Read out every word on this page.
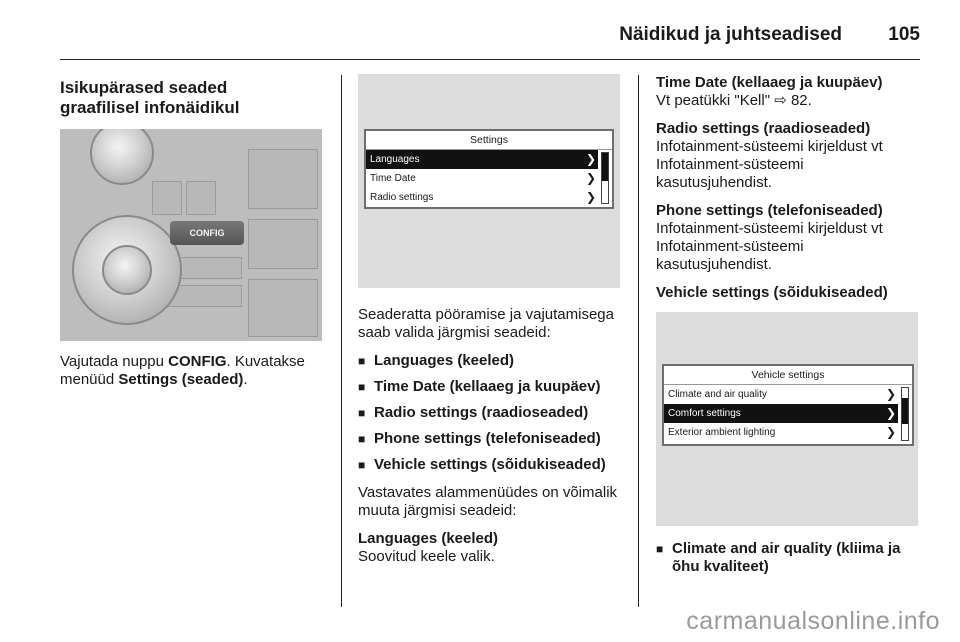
Näidikud ja juhtseadised 105
Isikupärased seaded
graafilisel infonäidikul
CONFIG

Vajutada nuppu CONFIG. Kuvatakse menüüd Settings (seaded).

Settings
Languages	❯
Time Date	❯
Radio settings	❯

Seaderatta pööramise ja vajutamisega saab valida järgmisi seadeid:

■ Languages (keeled)
■ Time Date (kellaaeg ja kuupäev)
■ Radio settings (raadioseaded)
■ Phone settings (telefoniseaded)
■ Vehicle settings (sõidukiseaded)

Vastavates alammenüüdes on võimalik muuta järgmisi seadeid:

Languages (keeled)
Soovitud keele valik.

Time Date (kellaaeg ja kuupäev)
Vt peatükki "Kell" ⇨ 82.

Radio settings (raadioseaded)
Infotainment-süsteemi kirjeldust vt Infotainment-süsteemi kasutusjuhendist.

Phone settings (telefoniseaded)
Infotainment-süsteemi kirjeldust vt Infotainment-süsteemi kasutusjuhendist.

Vehicle settings (sõidukiseaded)

Vehicle settings
Climate and air quality	❯
Comfort settings	❯
Exterior ambient lighting	❯
■ Climate and air quality (kliima ja õhu kvaliteet)
carmanualsonline.info
